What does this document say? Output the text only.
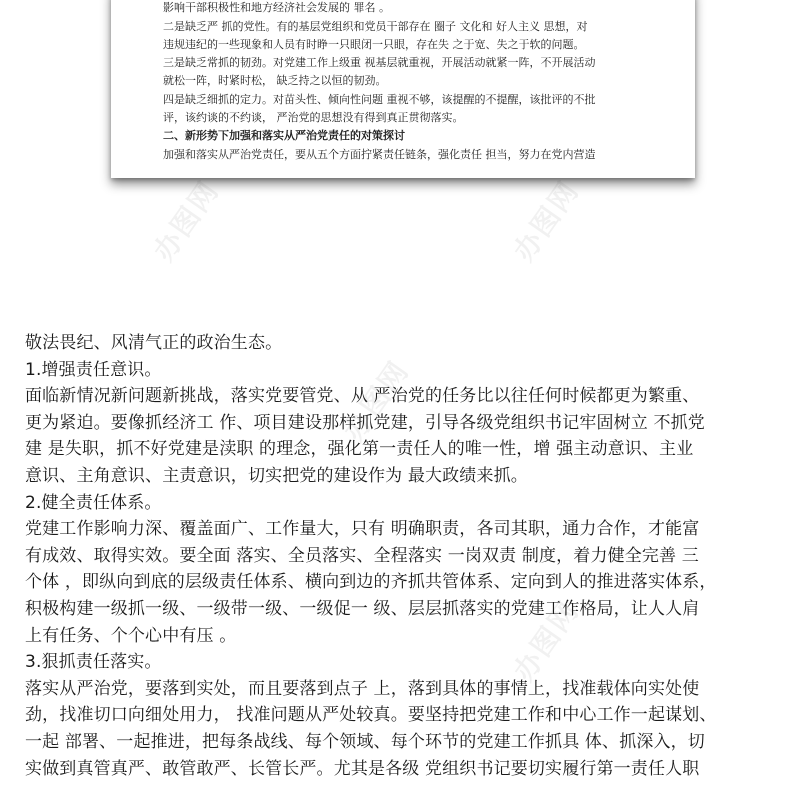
影响干部积极性和地方经济社会发展的 罪名 。
二是缺乏严 抓的党性。有的基层党组织和党员干部存在 圈子 文化和 好人主义 思想，对
违规违纪的一些现象和人员有时睁一只眼闭一只眼，存在失 之于宽、失之于软的问题。
三是缺乏常抓的韧劲。对党建工作上级重 视基层就重视，开展活动就紧一阵，不开展活动
就松一阵，时紧时松， 缺乏持之以恒的韧劲。
四是缺乏细抓的定力。对苗头性、倾向性问题 重视不够，该提醒的不提醒，该批评的不批
评，该约谈的不约谈， 严治党的思想没有得到真正贯彻落实。
二、新形势下加强和落实从严治党责任的对策探讨
加强和落实从严治党责任，要从五个方面拧紧责任链条，强化责任 担当，努力在党内营造
办图网	办图网
办图网
办图网
敬法畏纪、风清气正的政治生态。
1.增强责任意识。
面临新情况新问题新挑战，落实党要管党、从 严治党的任务比以往任何时候都更为繁重、
更为紧迫。要像抓经济工 作、项目建设那样抓党建，引导各级党组织书记牢固树立 不抓党
建 是失职，抓不好党建是渎职 的理念，强化第一责任人的唯一性，增 强主动意识、主业
意识、主角意识、主责意识，切实把党的建设作为 最大政绩来抓。
2.健全责任体系。
党建工作影响力深、覆盖面广、工作量大，只有 明确职责，各司其职，通力合作，才能富
有成效、取得实效。要全面 落实、全员落实、全程落实 一岗双责 制度，着力健全完善 三
个体 ，即纵向到底的层级责任体系、横向到边的齐抓共管体系、定向到人的推进落实体系，
积极构建一级抓一级、一级带一级、一级促一 级、层层抓落实的党建工作格局，让人人肩
上有任务、个个心中有压 。
3.狠抓责任落实。
落实从严治党，要落到实处，而且要落到点子 上，落到具体的事情上，找准载体向实处使
劲，找准切口向细处用力， 找准问题从严处较真。要坚持把党建工作和中心工作一起谋划、
一起 部署、一起推进，把每条战线、每个领域、每个环节的党建工作抓具 体、抓深入，切
实做到真管真严、敢管敢严、长管长严。尤其是各级 党组织书记要切实履行第一责任人职
